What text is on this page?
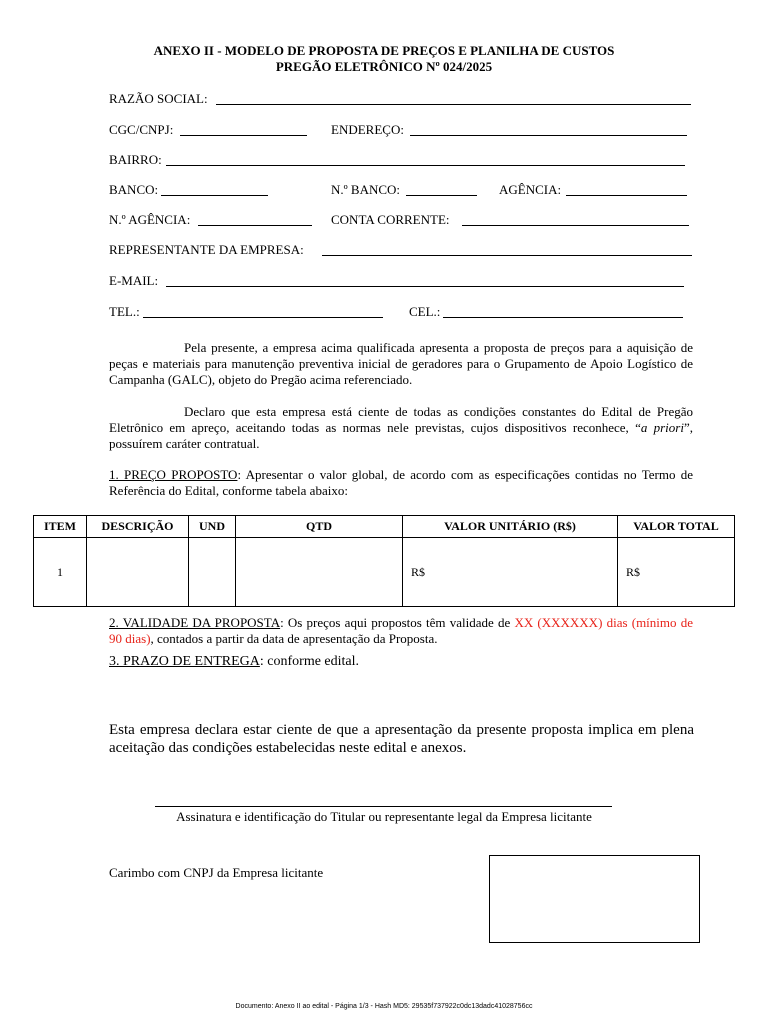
ANEXO II - MODELO DE PROPOSTA DE PREÇOS E PLANILHA DE CUSTOS
PREGÃO ELETRÔNICO Nº 024/2025
RAZÃO SOCIAL:
CGC/CNPJ:	ENDEREÇO:
BAIRRO:
BANCO:	N.º BANCO:	AGÊNCIA:
N.º AGÊNCIA:	CONTA CORRENTE:
REPRESENTANTE DA EMPRESA:
E-MAIL:
TEL.:	CEL.:
Pela presente, a empresa acima qualificada apresenta a proposta de preços para a aquisição de peças e materiais para manutenção preventiva inicial de geradores para o Grupamento de Apoio Logístico de Campanha (GALC), objeto do Pregão acima referenciado.
Declaro que esta empresa está ciente de todas as condições constantes do Edital de Pregão Eletrônico em apreço, aceitando todas as normas nele previstas, cujos dispositivos reconhece, “a priori”, possuírem caráter contratual.
1. PREÇO PROPOSTO: Apresentar o valor global, de acordo com as especificações contidas no Termo de Referência do Edital, conforme tabela abaixo:
ITEM	DESCRIÇÃO	UND	QTD	VALOR UNITÁRIO (R$)	VALOR TOTAL
1				R$	R$
2. VALIDADE DA PROPOSTA: Os preços aqui propostos têm validade de XX (XXXXXX) dias (mínimo de 90 dias), contados a partir da data de apresentação da Proposta.
3. PRAZO DE ENTREGA: conforme edital.
Esta empresa declara estar ciente de que a apresentação da presente proposta implica em plena aceitação das condições estabelecidas neste edital e anexos.
Assinatura e identificação do Titular ou representante legal da Empresa licitante
Carimbo com CNPJ da Empresa licitante
Documento: Anexo II ao edital - Página 1/3 - Hash MD5: 29535f737922c0dc13dadc41028756cc
